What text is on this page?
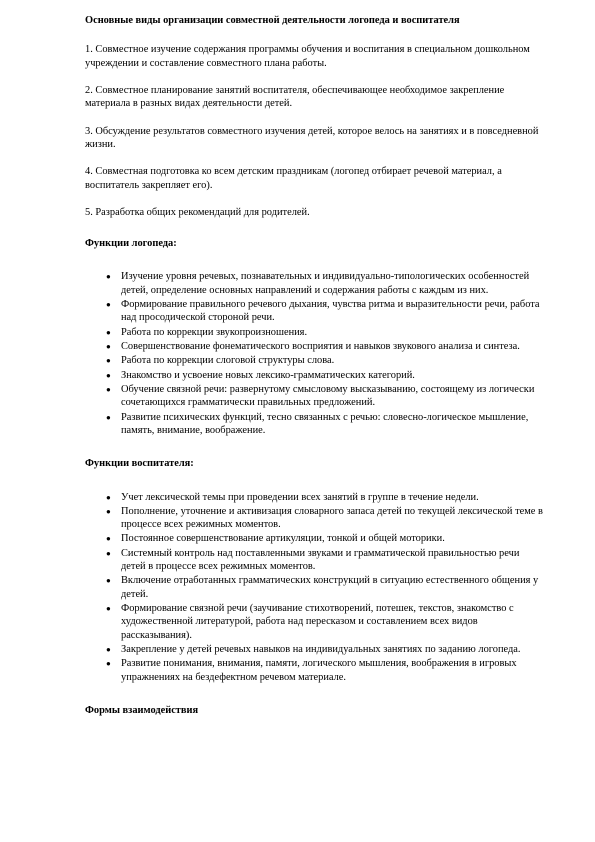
Основные виды организации совместной деятельности логопеда и воспитателя

1. Совместное изучение содержания программы обучения и воспитания в специальном дошкольном учреждении и составление совместного плана работы.

2. Совместное планирование занятий воспитателя, обеспечивающее необходимое закрепление материала в разных видах деятельности детей.

3. Обсуждение результатов совместного изучения детей, которое велось на занятиях и в повседневной жизни.

4. Совместная подготовка ко всем детским праздникам (логопед отбирает речевой материал, а воспитатель закрепляет его).

5. Разработка общих рекомендаций для родителей.

Функции логопеда:

● Изучение уровня речевых, познавательных и индивидуально-типологических особенностей детей, определение основных направлений и содержания работы с каждым из них.
● Формирование правильного речевого дыхания, чувства ритма и выразительности речи, работа над просодической стороной речи.
● Работа по коррекции звукопроизношения.
● Совершенствование фонематического восприятия и навыков звукового анализа и синтеза.
● Работа по коррекции слоговой структуры слова.
● Знакомство и усвоение новых лексико-грамматических категорий.
● Обучение связной речи: развернутому смысловому высказыванию, состоящему из логически сочетающихся грамматически правильных предложений.
● Развитие психических функций, тесно связанных с речью: словесно-логическое мышление, память, внимание, воображение.

Функции воспитателя:

● Учет лексической темы при проведении всех занятий в группе в течение недели.
● Пополнение, уточнение и активизация словарного запаса детей по текущей лексической теме в процессе всех режимных моментов.
● Постоянное совершенствование артикуляции, тонкой и общей моторики.
● Системный контроль над поставленными звуками и грамматической правильностью речи детей в процессе всех режимных моментов.
● Включение отработанных грамматических конструкций в ситуацию естественного общения у детей.
● Формирование связной речи (заучивание стихотворений, потешек, текстов, знакомство с художественной литературой, работа над пересказом и составлением всех видов рассказывания).
● Закрепление у детей речевых навыков на индивидуальных занятиях по заданию логопеда.
● Развитие понимания, внимания, памяти, логического мышления, воображения в игровых упражнениях на бездефектном речевом материале.

Формы взаимодействия
